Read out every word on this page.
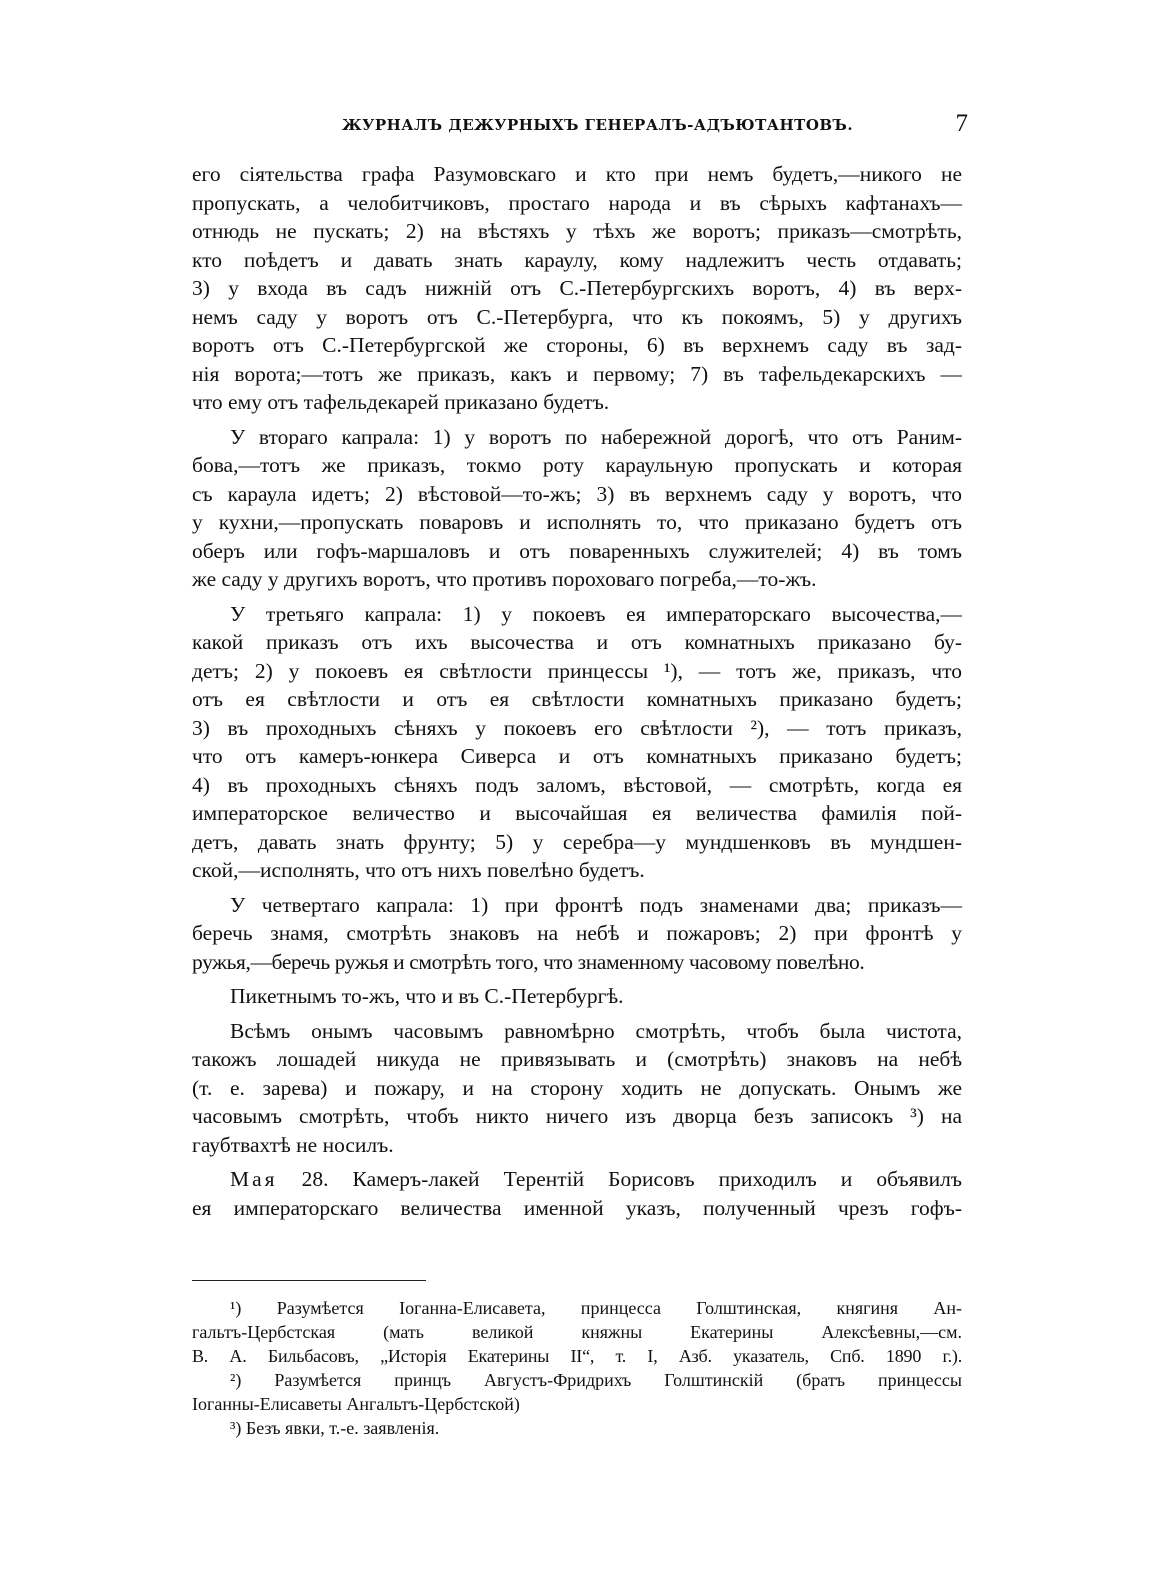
ЖУРНАЛЪ ДЕЖУРНЫХЪ ГЕНЕРАЛЪ-АДЪЮТАНТОВЪ.	7
его сіятельства графа Разумовскаго и кто при немъ будетъ,—никого не
пропускать, а челобитчиковъ, простаго народа и въ сѣрыхъ кафтанахъ—
отнюдь не пускать; 2) на вѣстяхъ у тѣхъ же воротъ; приказъ—смотрѣть,
кто поѣдетъ и давать знать караулу, кому надлежитъ честь отдавать;
3) у входа въ садъ нижній отъ С.-Петербургскихъ воротъ, 4) въ верх-
немъ саду у воротъ отъ С.-Петербурга, что къ покоямъ, 5) у другихъ
воротъ отъ С.-Петербургской же стороны, 6) въ верхнемъ саду въ зад-
нія ворота;—тотъ же приказъ, какъ и первому; 7) въ тафельдекарскихъ —
что ему отъ тафельдекарей приказано будетъ.
У втораго капрала: 1) у воротъ по набережной дорогѣ, что отъ Раним-
бова,—тотъ же приказъ, токмо роту караульную пропускать и которая
съ караула идетъ; 2) вѣстовой—то-жъ; 3) въ верхнемъ саду у воротъ, что
у кухни,—пропускать поваровъ и исполнять то, что приказано будетъ отъ
оберъ или гофъ-маршаловъ и отъ поваренныхъ служителей; 4) въ томъ
же саду у другихъ воротъ, что противъ пороховаго погреба,—то-жъ.
У третьяго капрала: 1) у покоевъ ея императорскаго высочества,—
какой приказъ отъ ихъ высочества и отъ комнатныхъ приказано бу-
детъ; 2) у покоевъ ея свѣтлости принцессы ¹), — тотъ же, приказъ, что
отъ ея свѣтлости и отъ ея свѣтлости комнатныхъ приказано будетъ;
3) въ проходныхъ сѣняхъ у покоевъ его свѣтлости ²), — тотъ приказъ,
что отъ камеръ-юнкера Сиверса и отъ комнатныхъ приказано будетъ;
4) въ проходныхъ сѣняхъ подъ заломъ, вѣстовой, — смотрѣть, когда ея
императорское величество и высочайшая ея величества фамилія пой-
детъ, давать знать фрунту; 5) у серебра—у мундшенковъ въ мундшен-
ской,—исполнять, что отъ нихъ повелѣно будетъ.
У четвертаго капрала: 1) при фронтѣ подъ знаменами два; приказъ—
беречь знамя, смотрѣть знаковъ на небѣ и пожаровъ; 2) при фронтѣ у
ружья,—беречь ружья и смотрѣть того, что знаменному часовому повелѣно.
Пикетнымъ то-жъ, что и въ С.-Петербургѣ.
Всѣмъ онымъ часовымъ равномѣрно смотрѣть, чтобъ была чистота,
такожъ лошадей никуда не привязывать и (смотрѣть) знаковъ на небѣ
(т. е. зарева) и пожару, и на сторону ходить не допускать. Онымъ же
часовымъ смотрѣть, чтобъ никто ничего изъ дворца безъ записокъ ³) на
гаубтвахтѣ не носилъ.
Мая 28. Камеръ-лакей Терентій Борисовъ приходилъ и объявилъ
ея императорскаго величества именной указъ, полученный чрезъ гофъ-
¹) Разумѣется Іоганна-Елисавета, принцесса Голштинская, княгиня Ан-
гальтъ-Цербстская (мать великой княжны Екатерины Алексѣевны,—см.
В. А. Бильбасовъ, „Исторія Екатерины II“, т. I, Азб. указатель, Спб. 1890 г.).
²) Разумѣется принцъ Августъ-Фридрихъ Голштинскій (братъ принцессы
Іоганны-Елисаветы Ангальтъ-Цербстской)
³) Безъ явки, т.-е. заявленія.
